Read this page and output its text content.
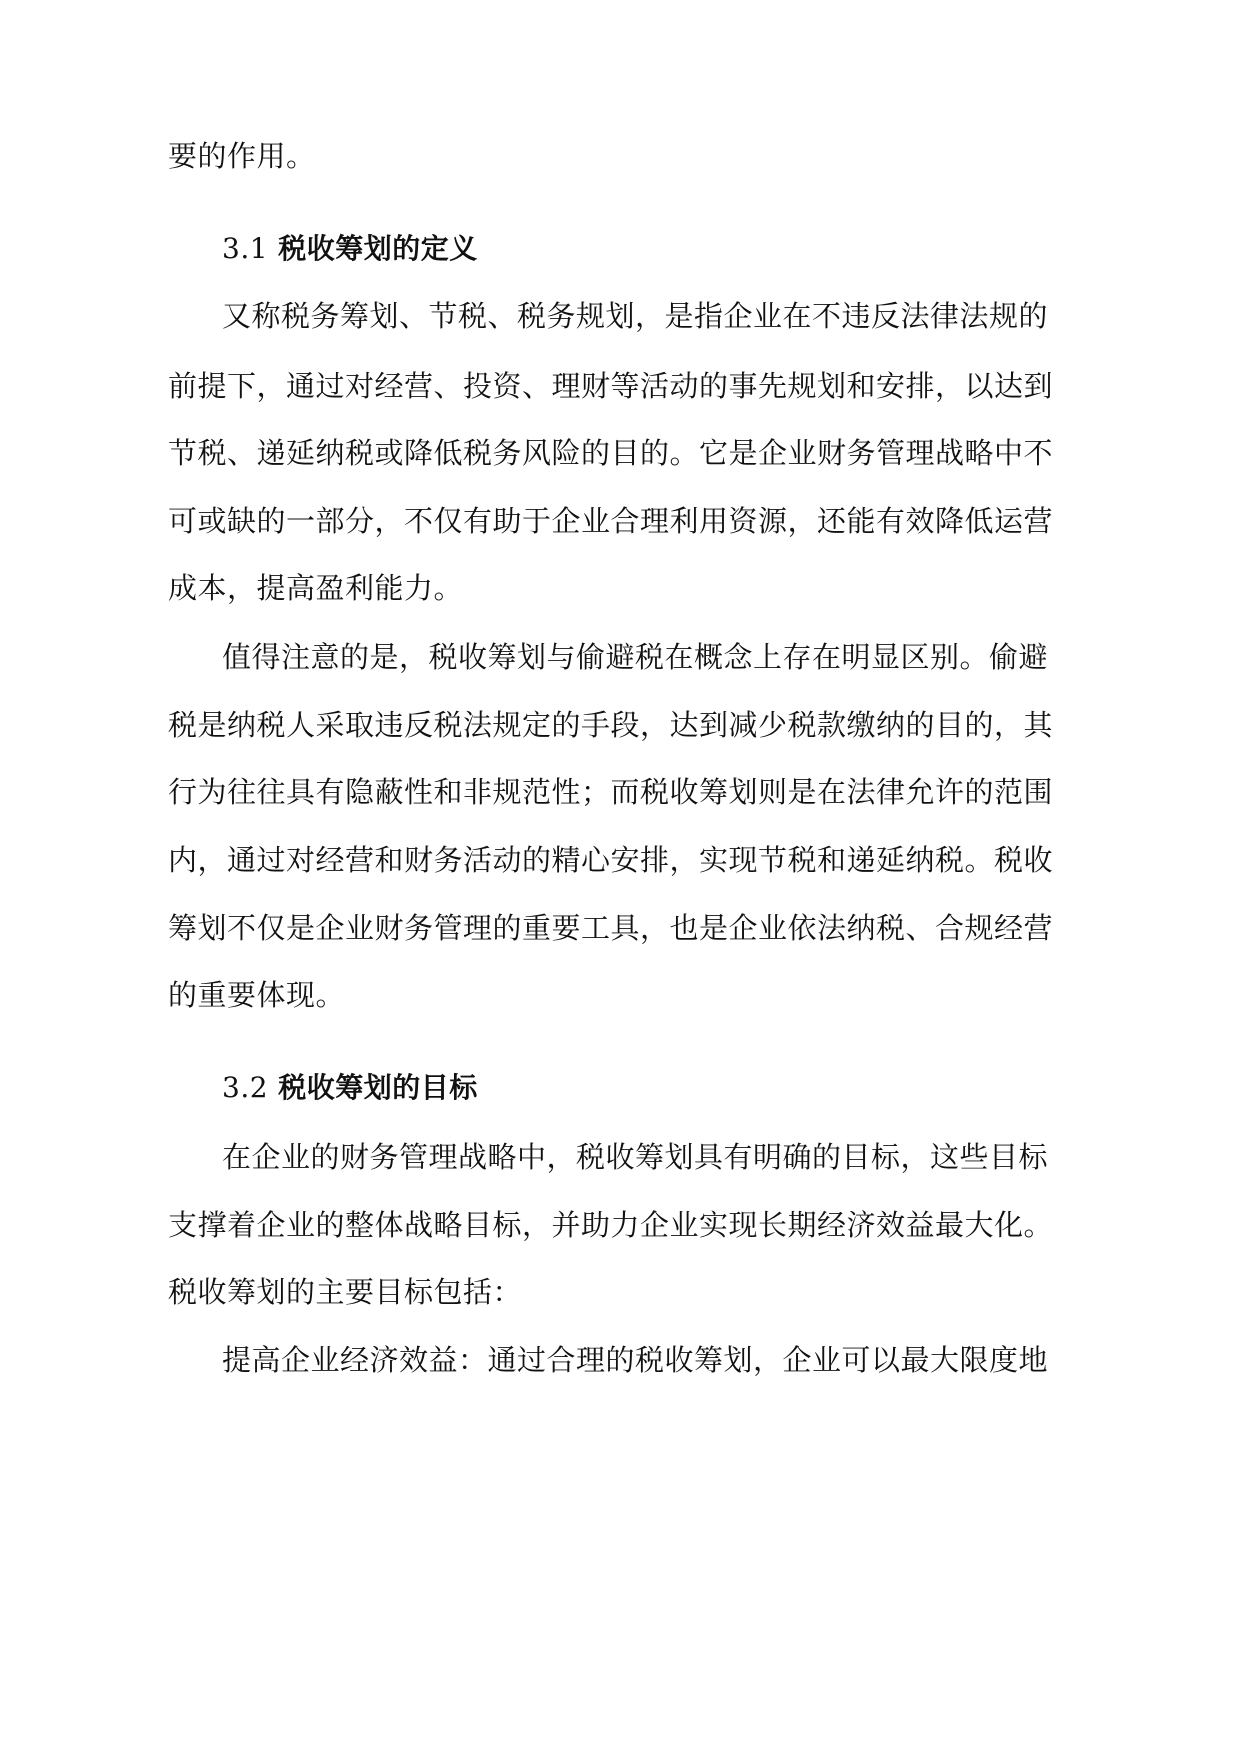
要的作用。
3.1 税收筹划的定义
又称税务筹划、节税、税务规划，是指企业在不违反法律法规的
前提下，通过对经营、投资、理财等活动的事先规划和安排，以达到
节税、递延纳税或降低税务风险的目的。它是企业财务管理战略中不
可或缺的一部分，不仅有助于企业合理利用资源，还能有效降低运营
成本，提高盈利能力。
值得注意的是，税收筹划与偷避税在概念上存在明显区别。偷避
税是纳税人采取违反税法规定的手段，达到减少税款缴纳的目的，其
行为往往具有隐蔽性和非规范性；而税收筹划则是在法律允许的范围
内，通过对经营和财务活动的精心安排，实现节税和递延纳税。税收
筹划不仅是企业财务管理的重要工具，也是企业依法纳税、合规经营
的重要体现。
3.2 税收筹划的目标
在企业的财务管理战略中，税收筹划具有明确的目标，这些目标
支撑着企业的整体战略目标，并助力企业实现长期经济效益最大化。
税收筹划的主要目标包括：
提高企业经济效益：通过合理的税收筹划，企业可以最大限度地
